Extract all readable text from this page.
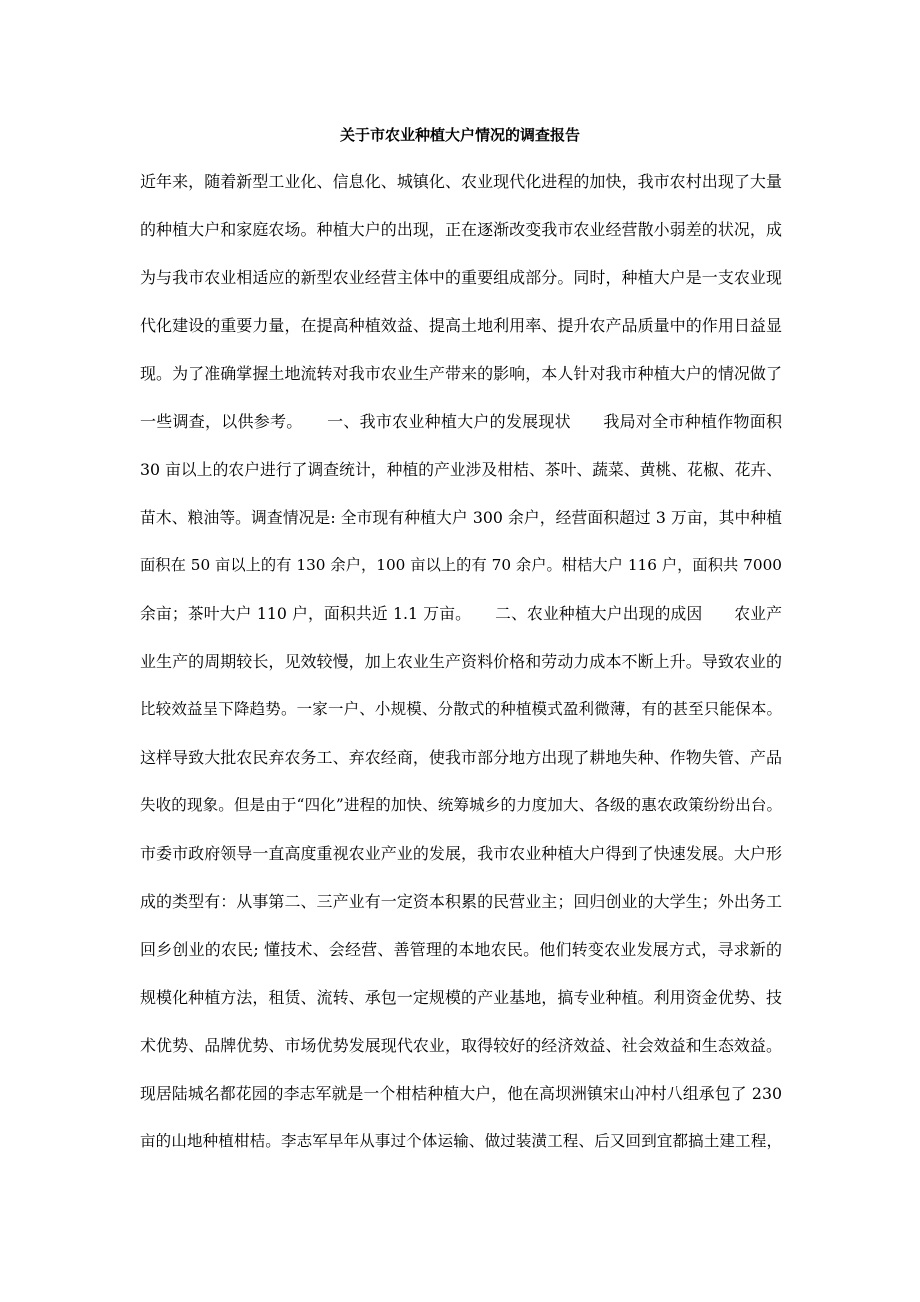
关于市农业种植大户情况的调查报告
近年来，随着新型工业化、信息化、城镇化、农业现代化进程的加快，我市农村出现了大量
的种植大户和家庭农场。种植大户的出现，正在逐渐改变我市农业经营散小弱差的状况，成
为与我市农业相适应的新型农业经营主体中的重要组成部分。同时，种植大户是一支农业现
代化建设的重要力量，在提高种植效益、提高土地利用率、提升农产品质量中的作用日益显
现。为了准确掌握土地流转对我市农业生产带来的影响，本人针对我市种植大户的情况做了
一些调查，以供参考。　　一、我市农业种植大户的发展现状　　我局对全市种植作物面积
30 亩以上的农户进行了调查统计，种植的产业涉及柑桔、茶叶、蔬菜、黄桃、花椒、花卉、
苗木、粮油等。调查情况是: 全市现有种植大户 300 余户，经营面积超过 3 万亩，其中种植
面积在 50 亩以上的有 130 余户，100 亩以上的有 70 余户。柑桔大户 116 户，面积共 7000
余亩；茶叶大户 110 户，面积共近 1.1 万亩。　　二、农业种植大户出现的成因　　农业产
业生产的周期较长，见效较慢，加上农业生产资料价格和劳动力成本不断上升。导致农业的
比较效益呈下降趋势。一家一户、小规模、分散式的种植模式盈利微薄，有的甚至只能保本。
这样导致大批农民弃农务工、弃农经商，使我市部分地方出现了耕地失种、作物失管、产品
失收的现象。但是由于“四化”进程的加快、统筹城乡的力度加大、各级的惠农政策纷纷出台。
市委市政府领导一直高度重视农业产业的发展，我市农业种植大户得到了快速发展。大户形
成的类型有：从事第二、三产业有一定资本积累的民营业主；回归创业的大学生；外出务工
回乡创业的农民; 懂技术、会经营、善管理的本地农民。他们转变农业发展方式，寻求新的
规模化种植方法，租赁、流转、承包一定规模的产业基地，搞专业种植。利用资金优势、技
术优势、品牌优势、市场优势发展现代农业，取得较好的经济效益、社会效益和生态效益。
现居陆城名都花园的李志军就是一个柑桔种植大户，他在高坝洲镇宋山冲村八组承包了 230
亩的山地种植柑桔。李志军早年从事过个体运输、做过装潢工程、后又回到宜都搞土建工程，
